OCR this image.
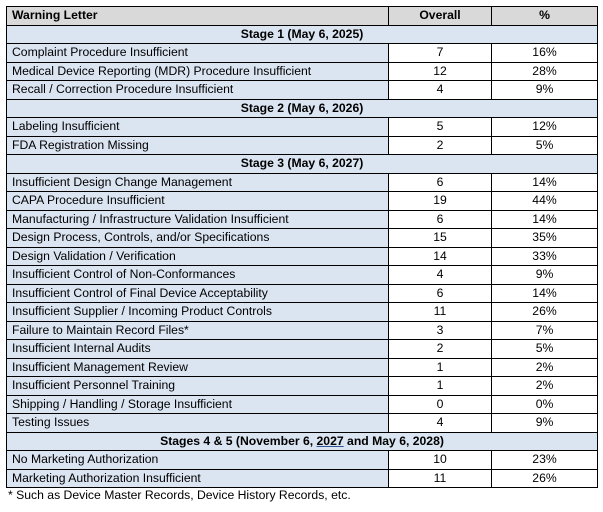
Warning Letter	Overall	%
Stage 1 (May 6, 2025)		
Complaint Procedure Insufficient	7	16%
Medical Device Reporting (MDR) Procedure Insufficient	12	28%
Recall / Correction Procedure Insufficient	4	9%
Stage 2 (May 6, 2026)		
Labeling Insufficient	5	12%
FDA Registration Missing	2	5%
Stage 3 (May 6, 2027)		
Insufficient Design Change Management	6	14%
CAPA Procedure Insufficient	19	44%
Manufacturing / Infrastructure Validation Insufficient	6	14%
Design Process, Controls, and/or Specifications	15	35%
Design Validation / Verification	14	33%
Insufficient Control of Non-Conformances	4	9%
Insufficient Control of Final Device Acceptability	6	14%
Insufficient Supplier / Incoming Product Controls	11	26%
Failure to Maintain Record Files*	3	7%
Insufficient Internal Audits	2	5%
Insufficient Management Review	1	2%
Insufficient Personnel Training	1	2%
Shipping / Handling / Storage Insufficient	0	0%
Testing Issues	4	9%
Stages 4 & 5 (November 6, 2027 and May 6, 2028)		
No Marketing Authorization	10	23%
Marketing Authorization Insufficient	11	26%
* Such as Device Master Records, Device History Records, etc.
